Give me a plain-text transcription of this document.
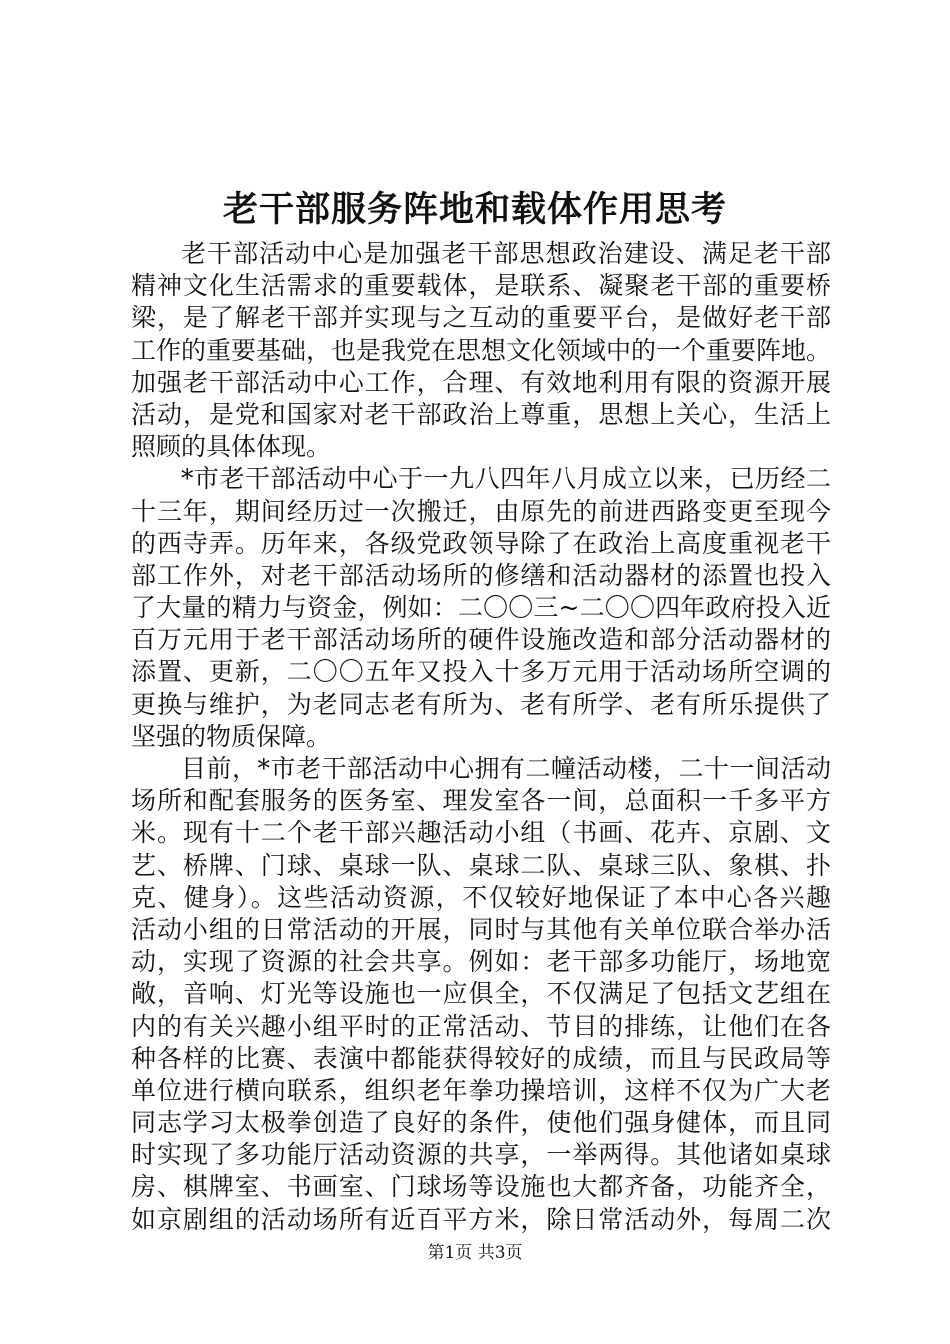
老干部服务阵地和载体作用思考
老干部活动中心是加强老干部思想政治建设、满足老干部
精神文化生活需求的重要载体，是联系、凝聚老干部的重要桥
梁，是了解老干部并实现与之互动的重要平台，是做好老干部
工作的重要基础，也是我党在思想文化领域中的一个重要阵地。
加强老干部活动中心工作，合理、有效地利用有限的资源开展
活动，是党和国家对老干部政治上尊重，思想上关心，生活上
照顾的具体体现。
*市老干部活动中心于一九八四年八月成立以来，已历经二
十三年，期间经历过一次搬迁，由原先的前进西路变更至现今
的西寺弄。历年来，各级党政领导除了在政治上高度重视老干
部工作外，对老干部活动场所的修缮和活动器材的添置也投入
了大量的精力与资金，例如：二〇〇三~二〇〇四年政府投入近
百万元用于老干部活动场所的硬件设施改造和部分活动器材的
添置、更新，二〇〇五年又投入十多万元用于活动场所空调的
更换与维护，为老同志老有所为、老有所学、老有所乐提供了
坚强的物质保障。
目前，*市老干部活动中心拥有二幢活动楼，二十一间活动
场所和配套服务的医务室、理发室各一间，总面积一千多平方
米。现有十二个老干部兴趣活动小组（书画、花卉、京剧、文
艺、桥牌、门球、桌球一队、桌球二队、桌球三队、象棋、扑
克、健身）。这些活动资源，不仅较好地保证了本中心各兴趣
活动小组的日常活动的开展，同时与其他有关单位联合举办活
动，实现了资源的社会共享。例如：老干部多功能厅，场地宽
敞，音响、灯光等设施也一应俱全，不仅满足了包括文艺组在
内的有关兴趣小组平时的正常活动、节目的排练，让他们在各
种各样的比赛、表演中都能获得较好的成绩，而且与民政局等
单位进行横向联系，组织老年拳功操培训，这样不仅为广大老
同志学习太极拳创造了良好的条件，使他们强身健体，而且同
时实现了多功能厅活动资源的共享，一举两得。其他诸如桌球
房、棋牌室、书画室、门球场等设施也大都齐备，功能齐全，
如京剧组的活动场所有近百平方米，除日常活动外，每周二次
第1页 共3页
